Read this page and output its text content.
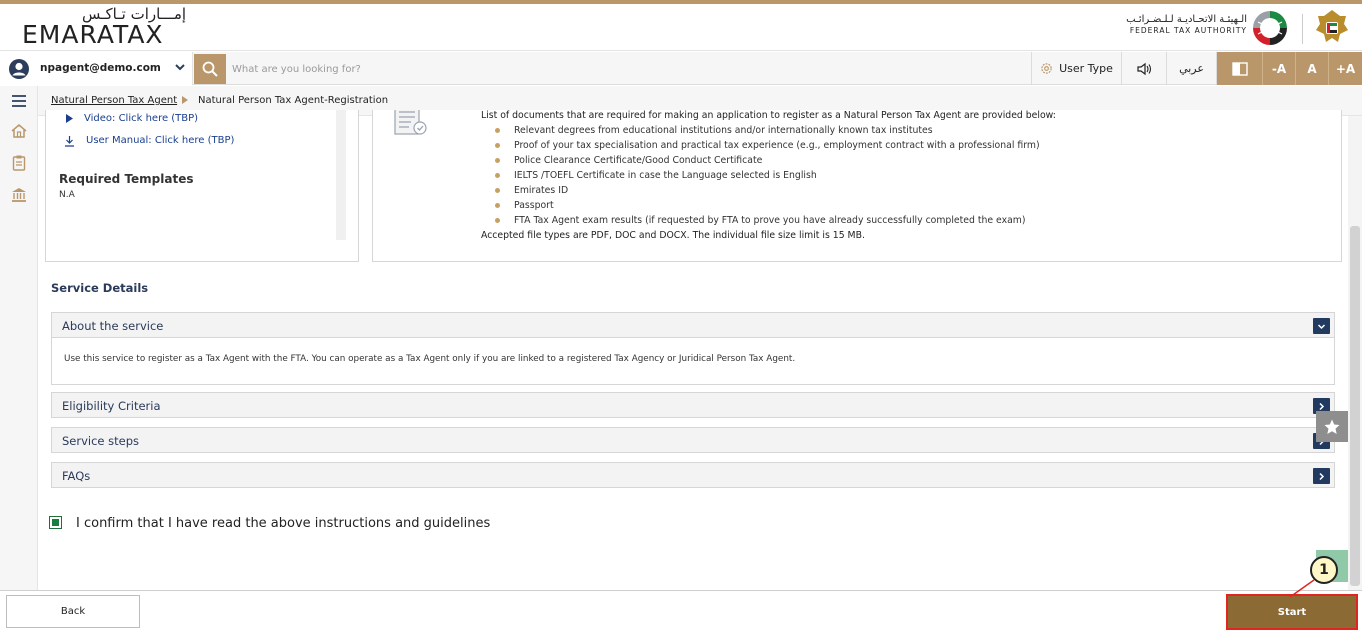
إمـــارات تـاكـس
EMARATAX
الـهيئـة الاتحـاديـة لـلـضـرائـب
FEDERAL TAX AUTHORITY
npagent@demo.com
What are you looking for?	User Type	عربي	-A	A	+A
Natural Person Tax Agent Natural Person Tax Agent-Registration
Video: Click here (TBP)
User Manual: Click here (TBP)
Required Templates
N.A
List of documents that are required for making an application to register as a Natural Person Tax Agent are provided below:
Relevant degrees from educational institutions and/or internationally known tax institutes
Proof of your tax specialisation and practical tax experience (e.g., employment contract with a professional firm)
Police Clearance Certificate/Good Conduct Certificate
IELTS /TOEFL Certificate in case the Language selected is English
Emirates ID
Passport
FTA Tax Agent exam results (if requested by FTA to prove you have already successfully completed the exam)
Accepted file types are PDF, DOC and DOCX. The individual file size limit is 15 MB.
Service Details
About the service
Use this service to register as a Tax Agent with the FTA. You can operate as a Tax Agent only if you are linked to a registered Tax Agency or Juridical Person Tax Agent.
Eligibility Criteria
Service steps
FAQs
I confirm that I have read the above instructions and guidelines
Back	Start
1
